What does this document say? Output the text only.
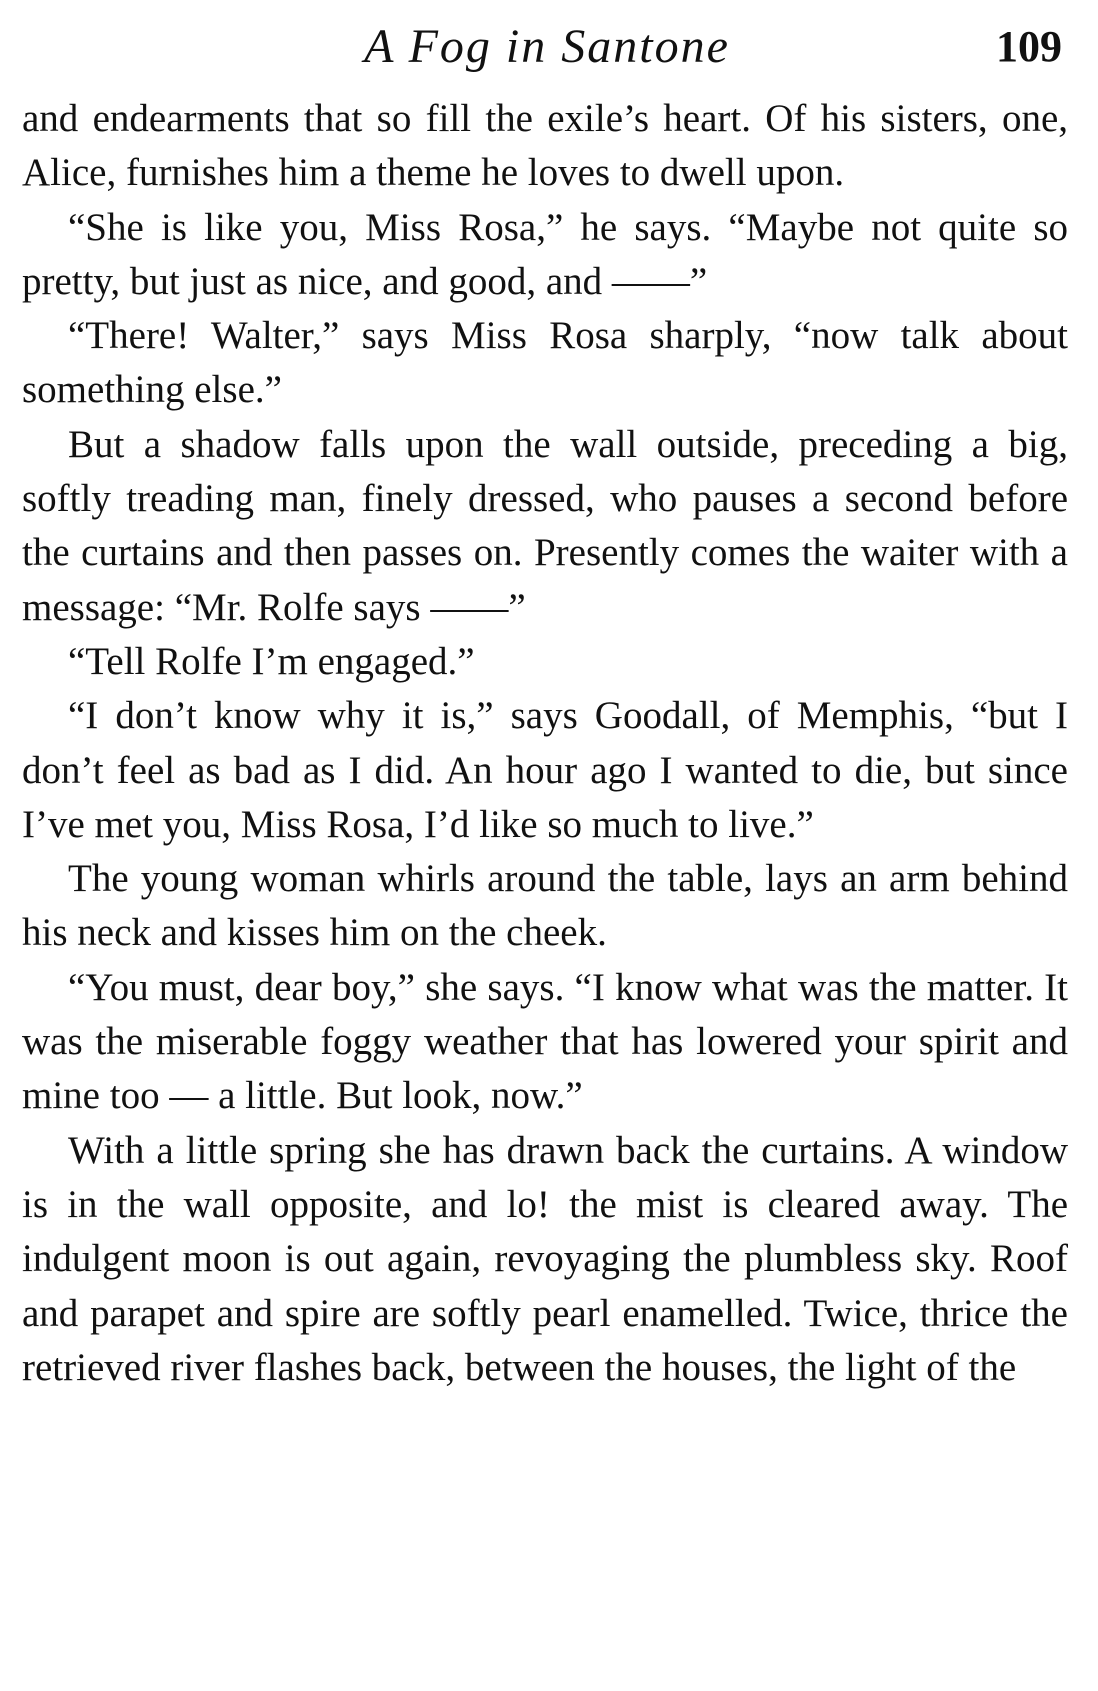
A Fog in Santone	109

and endearments that so fill the exile’s heart. Of his sisters, one, Alice, furnishes him a theme he loves to dwell upon.

“She is like you, Miss Rosa,” he says. “Maybe not quite so pretty, but just as nice, and good, and ——”

“There! Walter,” says Miss Rosa sharply, “now talk about something else.”

But a shadow falls upon the wall outside, preceding a big, softly treading man, finely dressed, who pauses a second before the curtains and then passes on. Presently comes the waiter with a message: “Mr. Rolfe says ——”

“Tell Rolfe I’m engaged.”

“I don’t know why it is,” says Goodall, of Memphis, “but I don’t feel as bad as I did. An hour ago I wanted to die, but since I’ve met you, Miss Rosa, I’d like so much to live.”

The young woman whirls around the table, lays an arm behind his neck and kisses him on the cheek.

“You must, dear boy,” she says. “I know what was the matter. It was the miserable foggy weather that has lowered your spirit and mine too — a little. But look, now.”

With a little spring she has drawn back the curtains. A window is in the wall opposite, and lo! the mist is cleared away. The indulgent moon is out again, revoyaging the plumbless sky. Roof and parapet and spire are softly pearl enamelled. Twice, thrice the retrieved river flashes back, between the houses, the light of the
